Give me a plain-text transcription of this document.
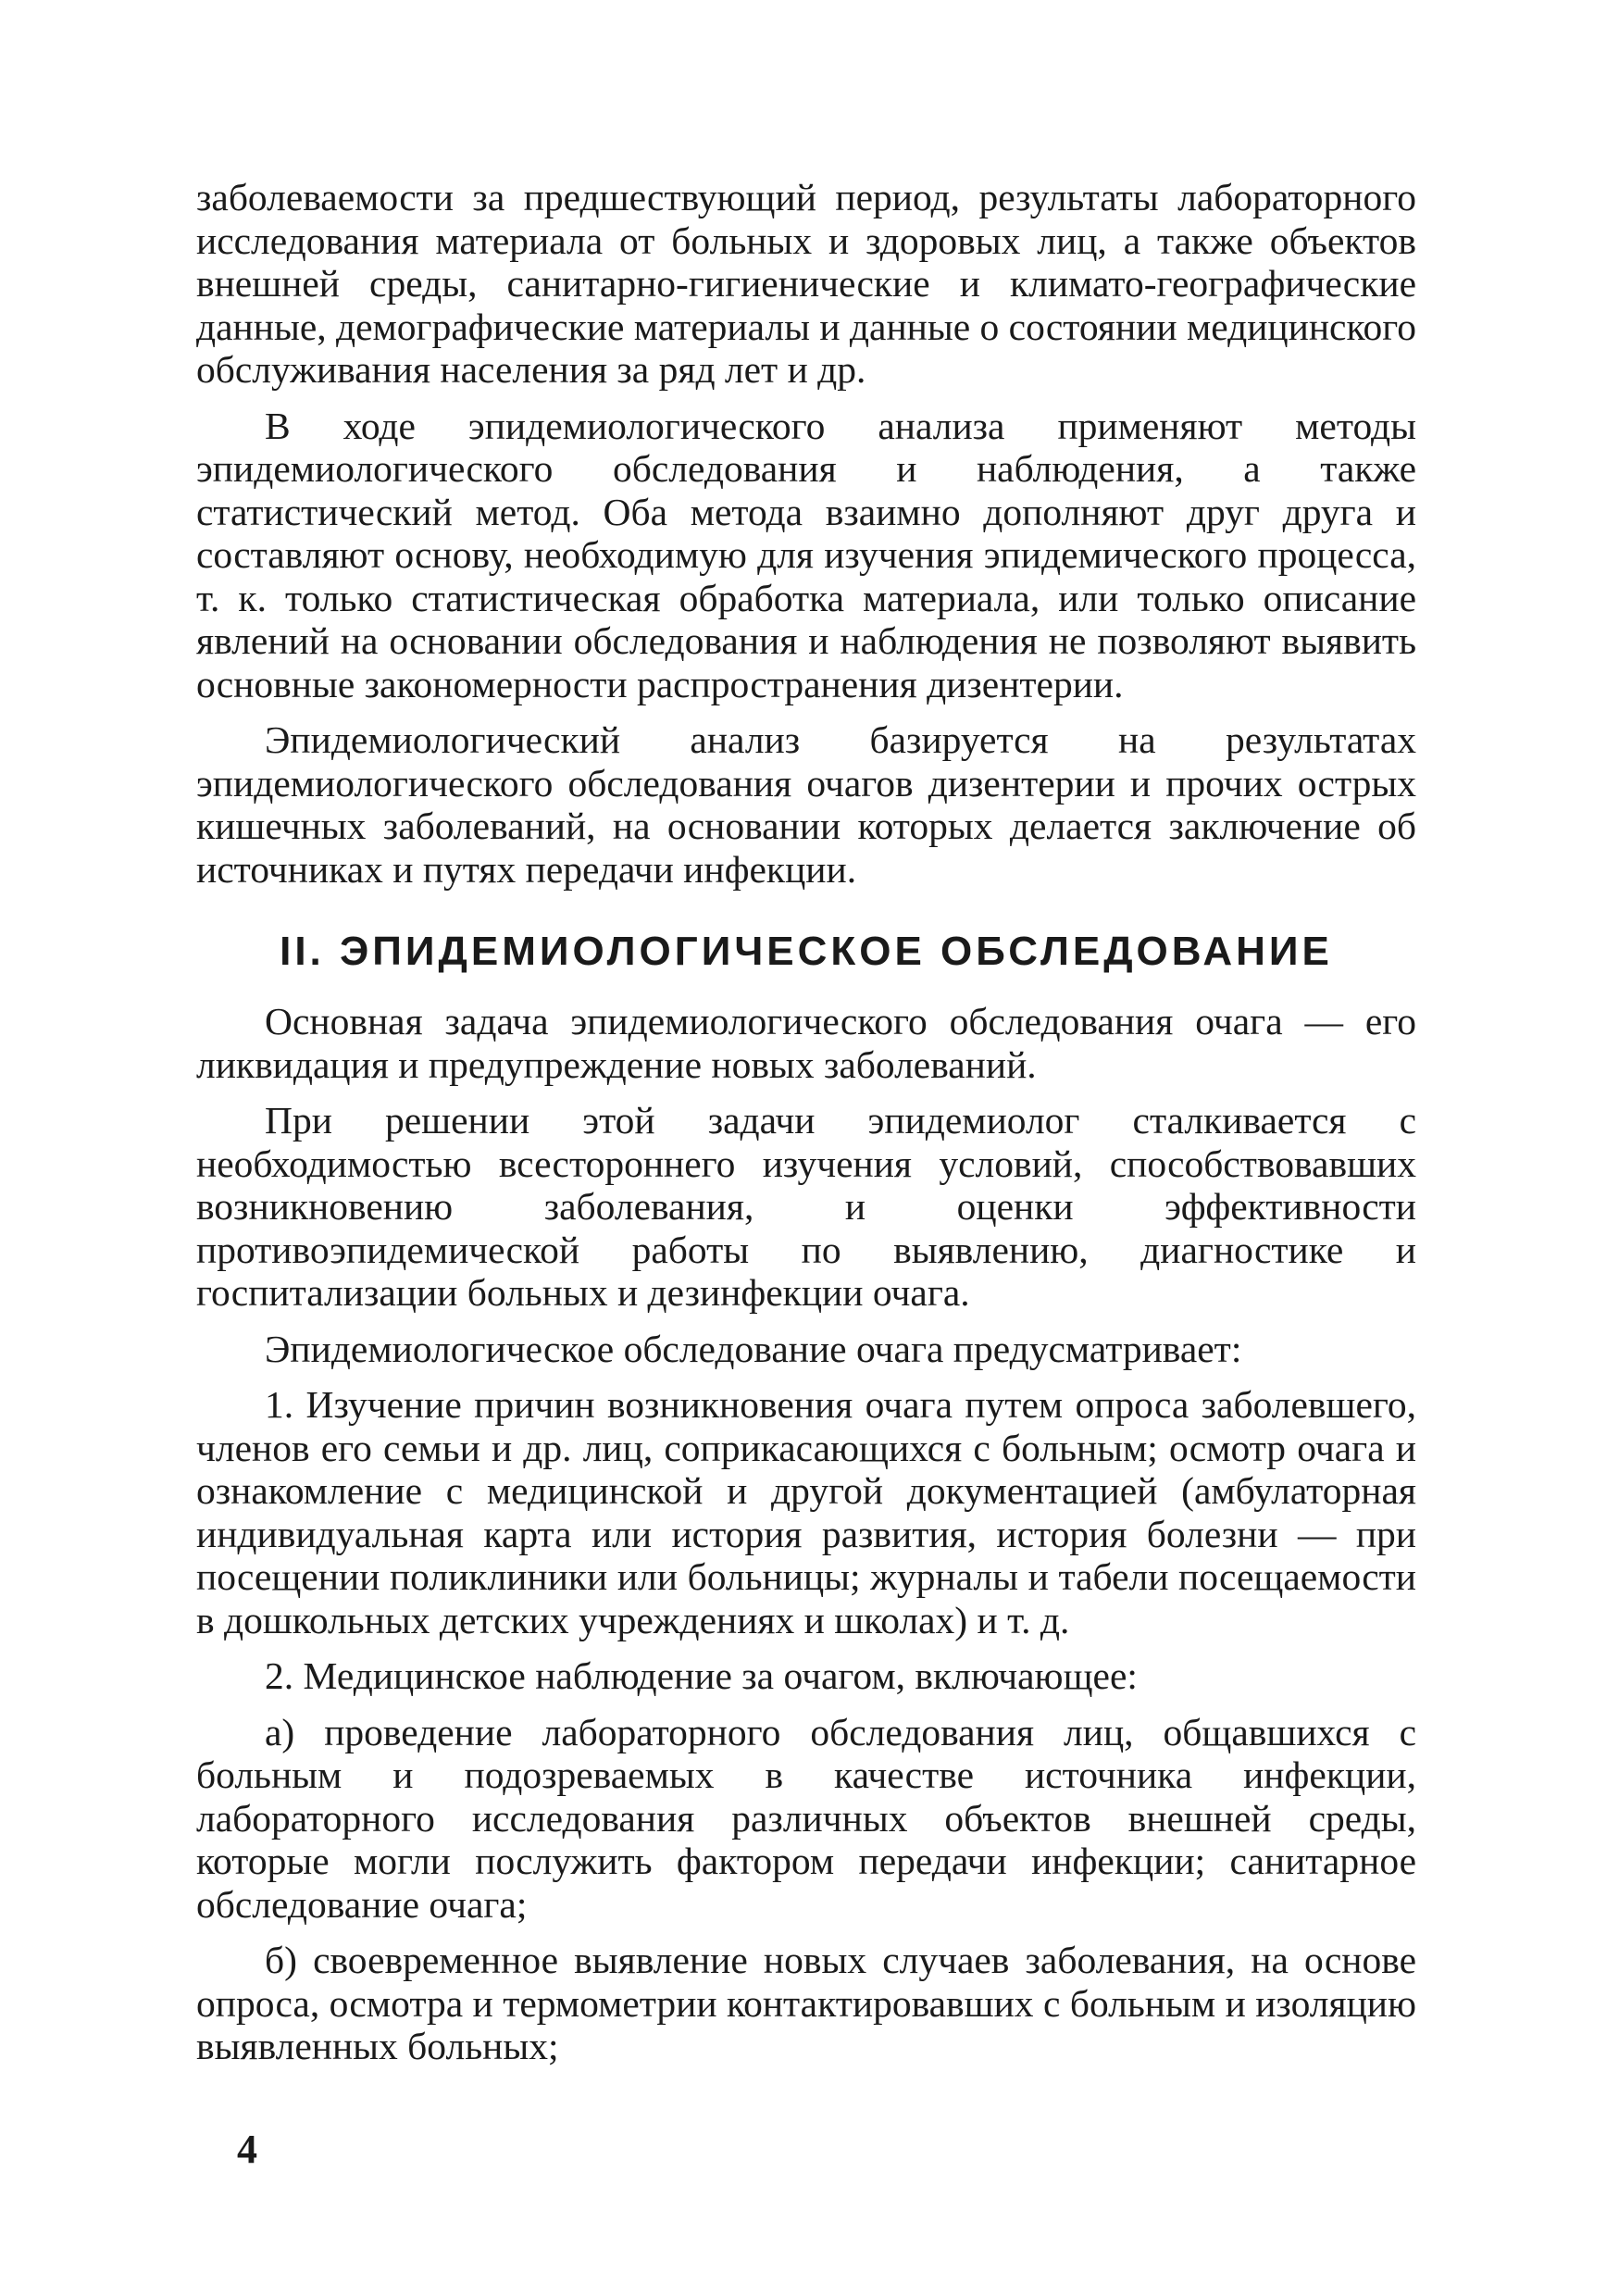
заболеваемости за предшествующий период, результаты лабораторного исследования материала от больных и здоровых лиц, а также объектов внешней среды, санитарно-гигиенические и климато-географические данные, демографические материалы и данные о состоянии медицинского обслуживания населения за ряд лет и др.

В ходе эпидемиологического анализа применяют методы эпидемиологического обследования и наблюдения, а также статистический метод. Оба метода взаимно дополняют друг друга и составляют основу, необходимую для изучения эпидемического процесса, т. к. только статистическая обработка материала, или только описание явлений на основании обследования и наблюдения не позволяют выявить основные закономерности распространения дизентерии.

Эпидемиологический анализ базируется на результатах эпидемиологического обследования очагов дизентерии и прочих острых кишечных заболеваний, на основании которых делается заключение об источниках и путях передачи инфекции.

II. ЭПИДЕМИОЛОГИЧЕСКОЕ ОБСЛЕДОВАНИЕ

Основная задача эпидемиологического обследования очага — его ликвидация и предупреждение новых заболеваний.

При решении этой задачи эпидемиолог сталкивается с необходимостью всестороннего изучения условий, способствовавших возникновению заболевания, и оценки эффективности противоэпидемической работы по выявлению, диагностике и госпитализации больных и дезинфекции очага.

Эпидемиологическое обследование очага предусматривает:

1. Изучение причин возникновения очага путем опроса заболевшего, членов его семьи и др. лиц, соприкасающихся с больным; осмотр очага и ознакомление с медицинской и другой документацией (амбулаторная индивидуальная карта или история развития, история болезни — при посещении поликлиники или больницы; журналы и табели посещаемости в дошкольных детских учреждениях и школах) и т. д.

2. Медицинское наблюдение за очагом, включающее:

а) проведение лабораторного обследования лиц, общавшихся с больным и подозреваемых в качестве источника инфекции, лабораторного исследования различных объектов внешней среды, которые могли послужить фактором передачи инфекции; санитарное обследование очага;

б) своевременное выявление новых случаев заболевания, на основе опроса, осмотра и термометрии контактировавших с больным и изоляцию выявленных больных;

4
